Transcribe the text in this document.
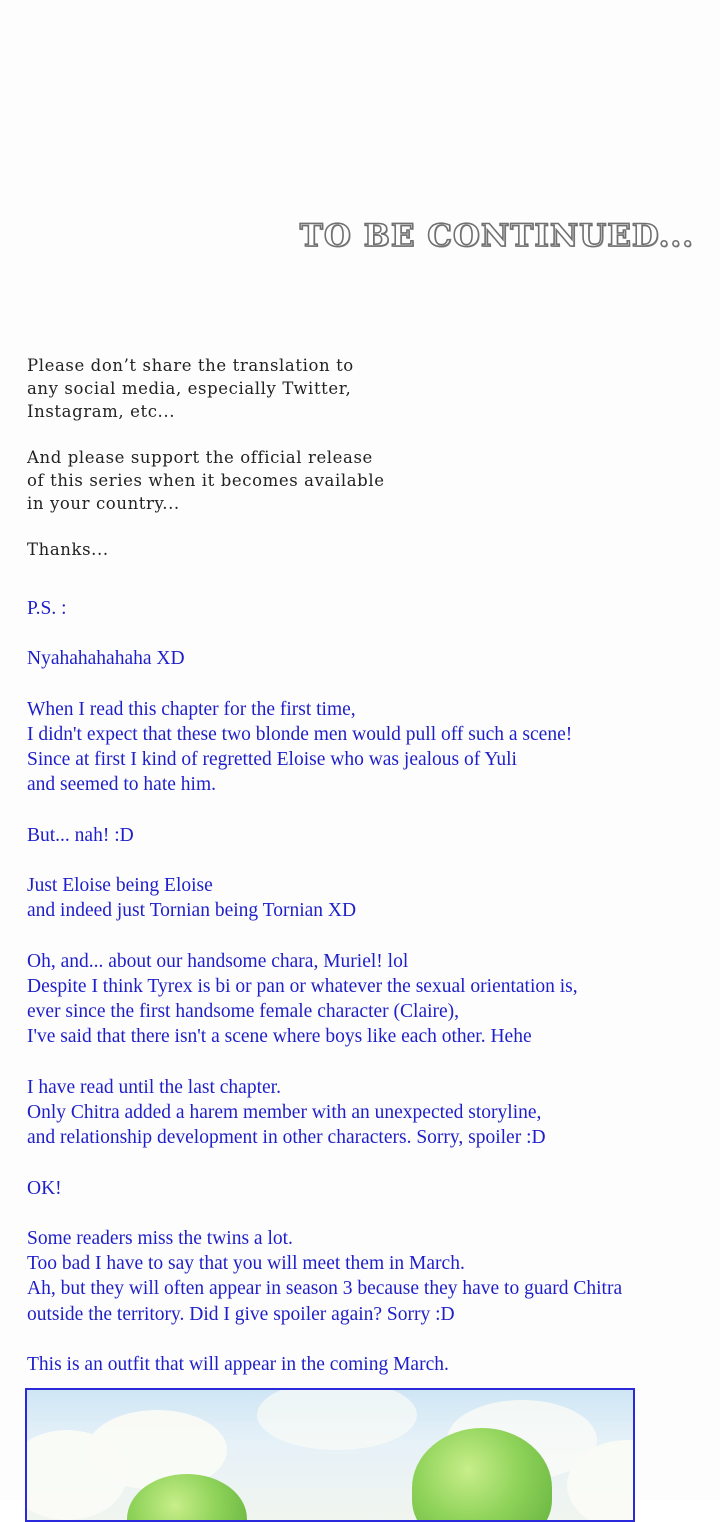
TO BE CONTINUED...

Please don’t share the translation to
any social media, especially Twitter,
Instagram, etc...

And please support the official release
of this series when it becomes available
in your country...

Thanks...

P.S. :

Nyahahahahaha XD

When I read this chapter for the first time,
I didn't expect that these two blonde men would pull off such a scene!
Since at first I kind of regretted Eloise who was jealous of Yuli
and seemed to hate him.

But... nah! :D

Just Eloise being Eloise
and indeed just Tornian being Tornian XD

Oh, and... about our handsome chara, Muriel! lol
Despite I think Tyrex is bi or pan or whatever the sexual orientation is,
ever since the first handsome female character (Claire),
I've said that there isn't a scene where boys like each other. Hehe

I have read until the last chapter.
Only Chitra added a harem member with an unexpected storyline,
and relationship development in other characters. Sorry, spoiler :D

OK!

Some readers miss the twins a lot.
Too bad I have to say that you will meet them in March.
Ah, but they will often appear in season 3 because they have to guard Chitra
outside the territory. Did I give spoiler again? Sorry :D

This is an outfit that will appear in the coming March.
